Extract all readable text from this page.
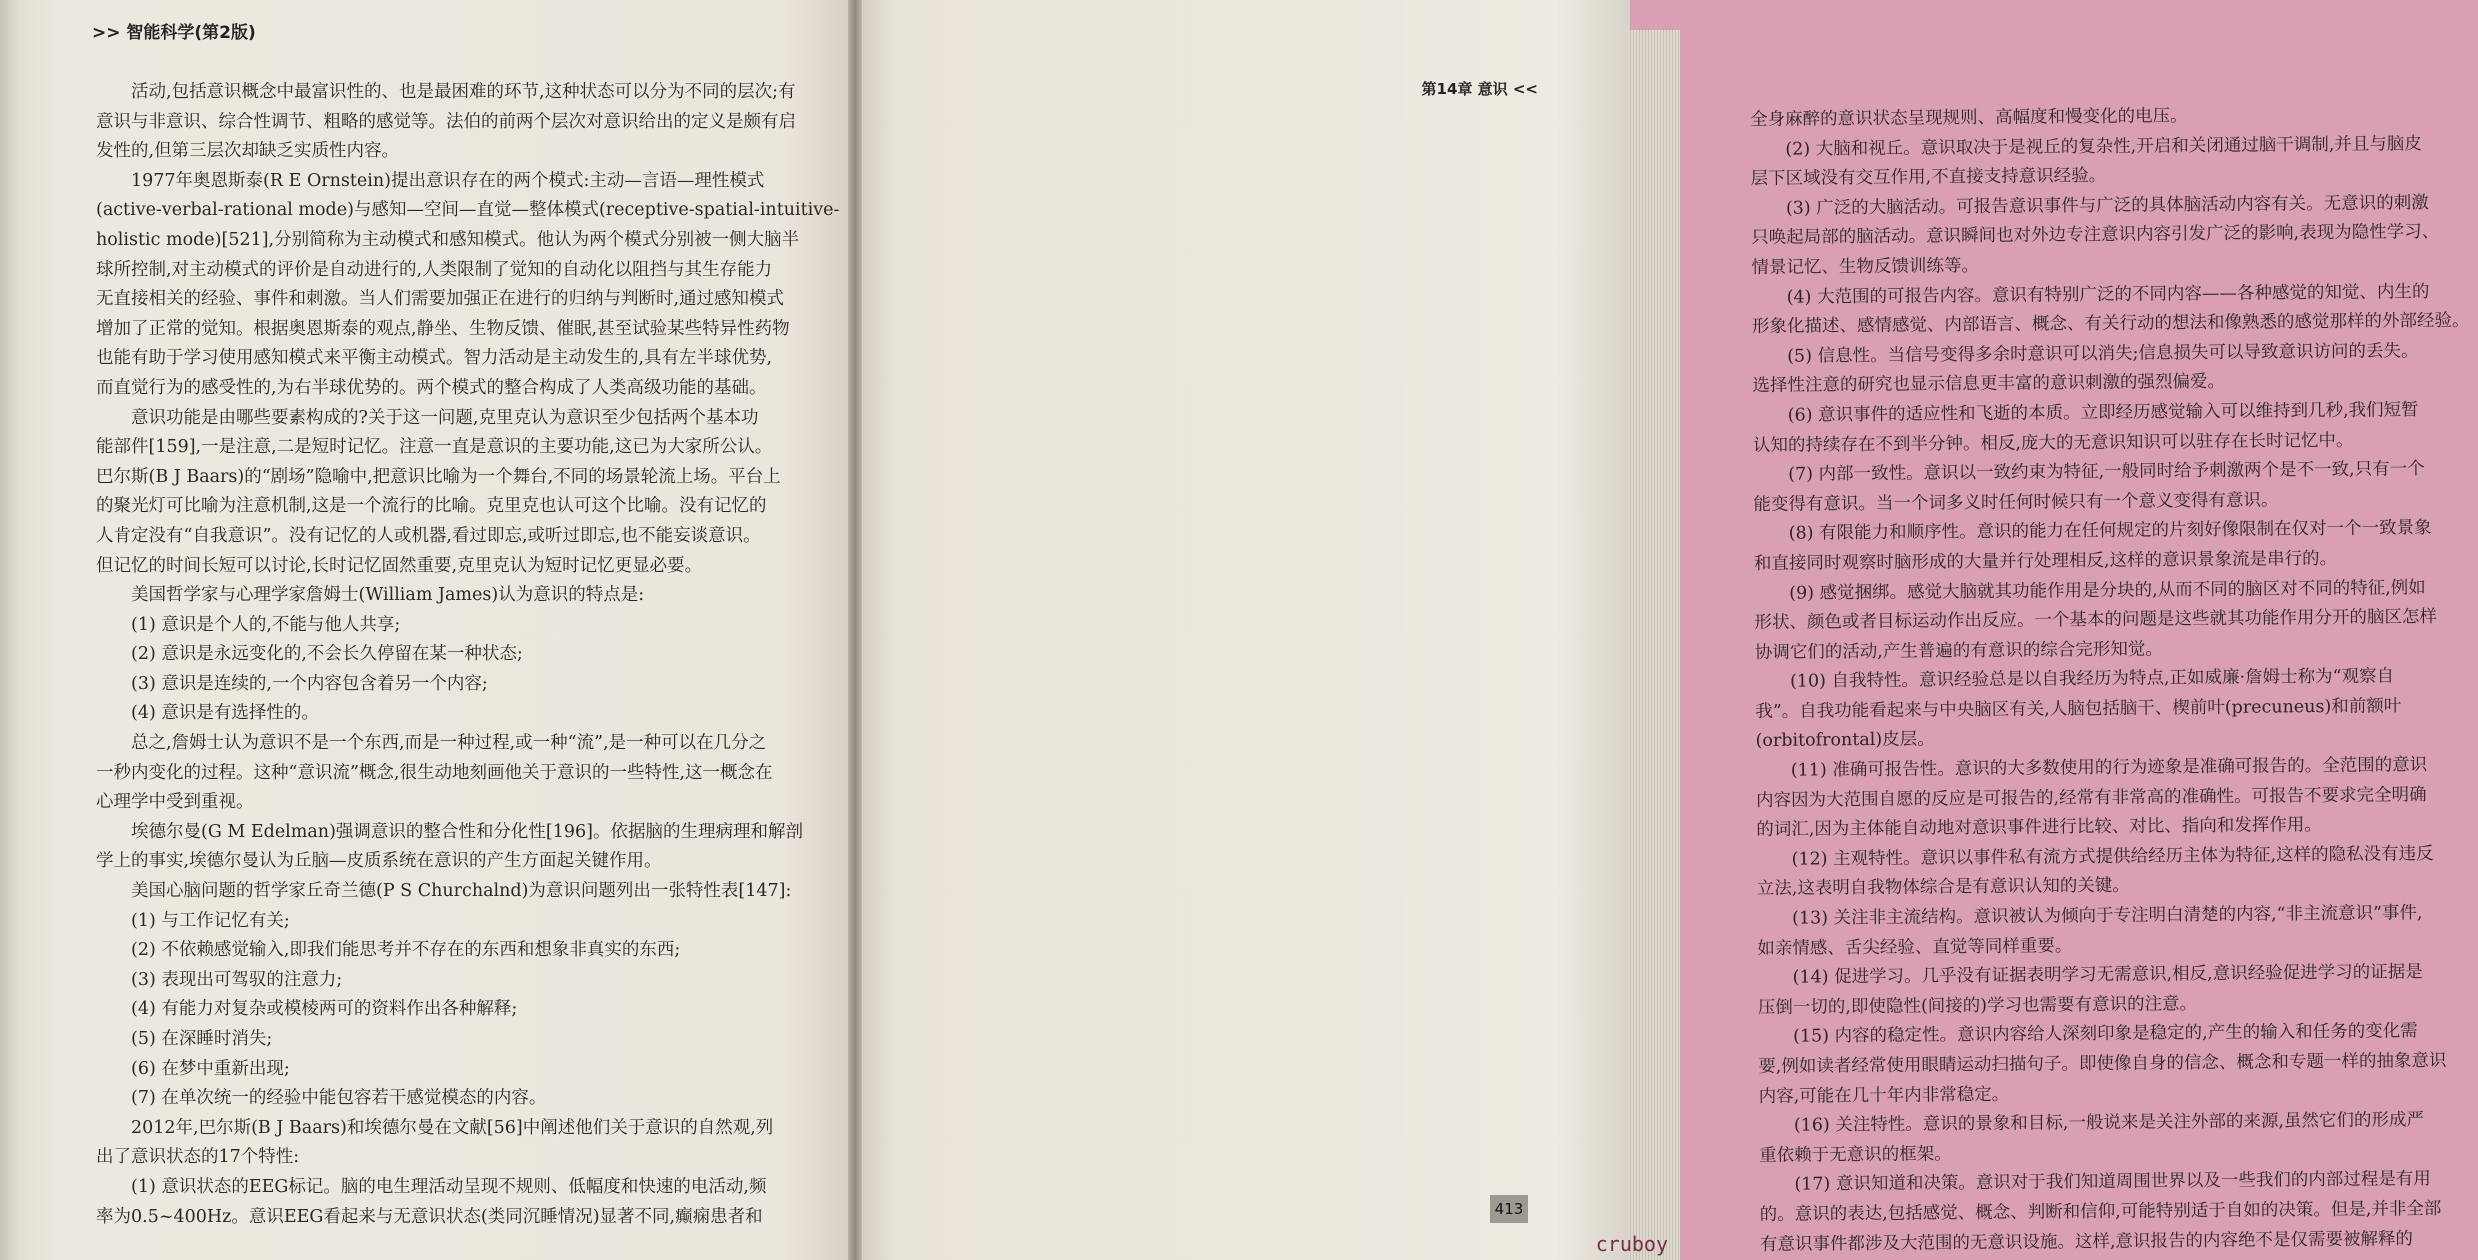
>> 智能科学(第2版)

活动,包括意识概念中最富识性的、也是最困难的环节,这种状态可以分为不同的层次;有

意识与非意识、综合性调节、粗略的感觉等。法伯的前两个层次对意识给出的定义是颇有启

发性的,但第三层次却缺乏实质性内容。

1977年奥恩斯泰(R E Ornstein)提出意识存在的两个模式:主动—言语—理性模式

(active-verbal-rational mode)与感知—空间—直觉—整体模式(receptive-spatial-intuitive-

holistic mode)[521],分别简称为主动模式和感知模式。他认为两个模式分别被一侧大脑半

球所控制,对主动模式的评价是自动进行的,人类限制了觉知的自动化以阻挡与其生存能力

无直接相关的经验、事件和刺激。当人们需要加强正在进行的归纳与判断时,通过感知模式

增加了正常的觉知。根据奥恩斯泰的观点,静坐、生物反馈、催眠,甚至试验某些特异性药物

也能有助于学习使用感知模式来平衡主动模式。智力活动是主动发生的,具有左半球优势,

而直觉行为的感受性的,为右半球优势的。两个模式的整合构成了人类高级功能的基础。

意识功能是由哪些要素构成的?关于这一问题,克里克认为意识至少包括两个基本功

能部件[159],一是注意,二是短时记忆。注意一直是意识的主要功能,这已为大家所公认。

巴尔斯(B J Baars)的“剧场”隐喻中,把意识比喻为一个舞台,不同的场景轮流上场。平台上

的聚光灯可比喻为注意机制,这是一个流行的比喻。克里克也认可这个比喻。没有记忆的

人肯定没有“自我意识”。没有记忆的人或机器,看过即忘,或听过即忘,也不能妄谈意识。

但记忆的时间长短可以讨论,长时记忆固然重要,克里克认为短时记忆更显必要。

美国哲学家与心理学家詹姆士(William James)认为意识的特点是:

(1) 意识是个人的,不能与他人共享;

(2) 意识是永远变化的,不会长久停留在某一种状态;

(3) 意识是连续的,一个内容包含着另一个内容;

(4) 意识是有选择性的。

总之,詹姆士认为意识不是一个东西,而是一种过程,或一种“流”,是一种可以在几分之

一秒内变化的过程。这种“意识流”概念,很生动地刻画他关于意识的一些特性,这一概念在

心理学中受到重视。

埃德尔曼(G M Edelman)强调意识的整合性和分化性[196]。依据脑的生理病理和解剖

学上的事实,埃德尔曼认为丘脑—皮质系统在意识的产生方面起关键作用。

美国心脑问题的哲学家丘奇兰德(P S Churchalnd)为意识问题列出一张特性表[147]:

(1) 与工作记忆有关;

(2) 不依赖感觉输入,即我们能思考并不存在的东西和想象非真实的东西;

(3) 表现出可驾驭的注意力;

(4) 有能力对复杂或模棱两可的资料作出各种解释;

(5) 在深睡时消失;

(6) 在梦中重新出现;

(7) 在单次统一的经验中能包容若干感觉模态的内容。

2012年,巴尔斯(B J Baars)和埃德尔曼在文献[56]中阐述他们关于意识的自然观,列

出了意识状态的17个特性:

(1) 意识状态的EEG标记。脑的电生理活动呈现不规则、低幅度和快速的电活动,频

率为0.5~400Hz。意识EEG看起来与无意识状态(类同沉睡情况)显著不同,癫痫患者和

第14章 意识 <<

全身麻醉的意识状态呈现规则、高幅度和慢变化的电压。

(2) 大脑和视丘。意识取决于是视丘的复杂性,开启和关闭通过脑干调制,并且与脑皮

层下区域没有交互作用,不直接支持意识经验。

(3) 广泛的大脑活动。可报告意识事件与广泛的具体脑活动内容有关。无意识的刺激

只唤起局部的脑活动。意识瞬间也对外边专注意识内容引发广泛的影响,表现为隐性学习、

情景记忆、生物反馈训练等。

(4) 大范围的可报告内容。意识有特别广泛的不同内容——各种感觉的知觉、内生的

形象化描述、感情感觉、内部语言、概念、有关行动的想法和像熟悉的感觉那样的外部经验。

(5) 信息性。当信号变得多余时意识可以消失;信息损失可以导致意识访问的丢失。

选择性注意的研究也显示信息更丰富的意识刺激的强烈偏爱。

(6) 意识事件的适应性和飞逝的本质。立即经历感觉输入可以维持到几秒,我们短暂

认知的持续存在不到半分钟。相反,庞大的无意识知识可以驻存在长时记忆中。

(7) 内部一致性。意识以一致约束为特征,一般同时给予刺激两个是不一致,只有一个

能变得有意识。当一个词多义时任何时候只有一个意义变得有意识。

(8) 有限能力和顺序性。意识的能力在任何规定的片刻好像限制在仅对一个一致景象

和直接同时观察时脑形成的大量并行处理相反,这样的意识景象流是串行的。

(9) 感觉捆绑。感觉大脑就其功能作用是分块的,从而不同的脑区对不同的特征,例如

形状、颜色或者目标运动作出反应。一个基本的问题是这些就其功能作用分开的脑区怎样

协调它们的活动,产生普遍的有意识的综合完形知觉。

(10) 自我特性。意识经验总是以自我经历为特点,正如威廉·詹姆士称为“观察自

我”。自我功能看起来与中央脑区有关,人脑包括脑干、楔前叶(precuneus)和前额叶

(orbitofrontal)皮层。

(11) 准确可报告性。意识的大多数使用的行为迹象是准确可报告的。全范围的意识

内容因为大范围自愿的反应是可报告的,经常有非常高的准确性。可报告不要求完全明确

的词汇,因为主体能自动地对意识事件进行比较、对比、指向和发挥作用。

(12) 主观特性。意识以事件私有流方式提供给经历主体为特征,这样的隐私没有违反

立法,这表明自我物体综合是有意识认知的关键。

(13) 关注非主流结构。意识被认为倾向于专注明白清楚的内容,“非主流意识”事件,

如亲情感、舌尖经验、直觉等同样重要。

(14) 促进学习。几乎没有证据表明学习无需意识,相反,意识经验促进学习的证据是

压倒一切的,即使隐性(间接的)学习也需要有意识的注意。

(15) 内容的稳定性。意识内容给人深刻印象是稳定的,产生的输入和任务的变化需

要,例如读者经常使用眼睛运动扫描句子。即使像自身的信念、概念和专题一样的抽象意识

内容,可能在几十年内非常稳定。

(16) 关注特性。意识的景象和目标,一般说来是关注外部的来源,虽然它们的形成严

重依赖于无意识的框架。

(17) 意识知道和决策。意识对于我们知道周围世界以及一些我们的内部过程是有用

的。意识的表达,包括感觉、概念、判断和信仰,可能特别适于自如的决策。但是,并非全部

有意识事件都涉及大范围的无意识设施。这样,意识报告的内容绝不是仅需要被解释的

413
cruboy
